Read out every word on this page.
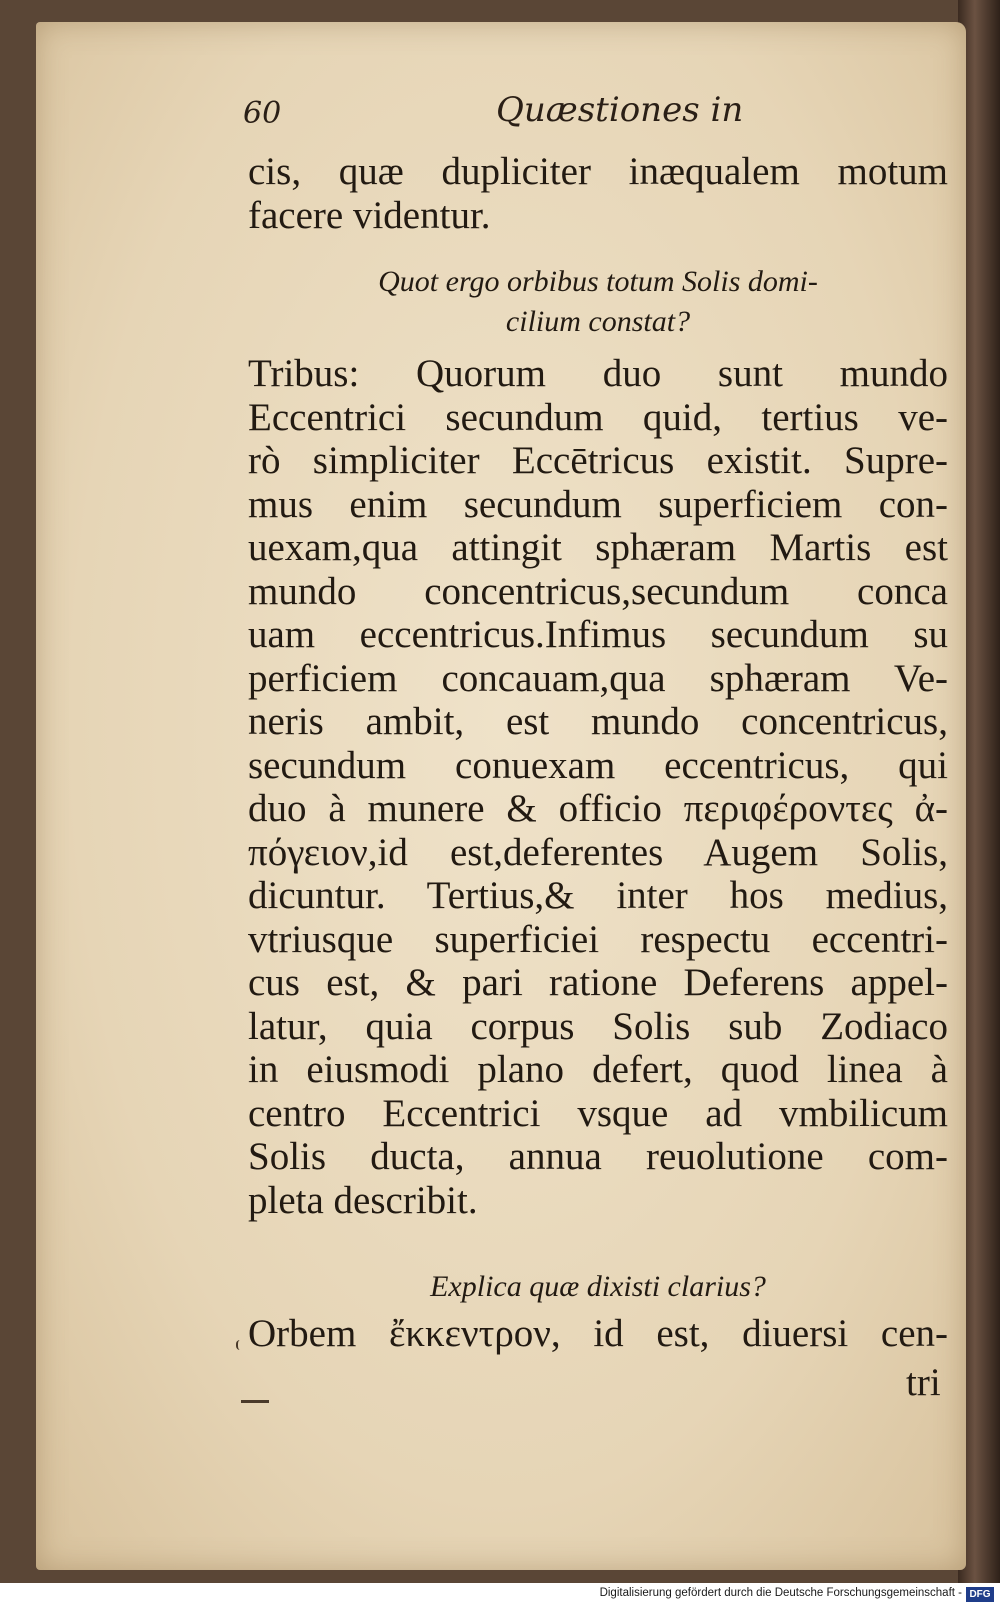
60	Quæstiones in
cis, quæ dupliciter inæqualem motum
facere videntur.
Quot ergo orbibus totum Solis domi-
cilium constat?
Tribus: Quorum duo sunt mundo
Eccentrici secundum quid, tertius ve-
rò simpliciter Eccētricus existit. Supre-
mus enim secundum superficiem con-
uexam,qua attingit sphæram Martis est
mundo concentricus,secundum conca
uam eccentricus.Infimus secundum su
perficiem concauam,qua sphæram Ve-
neris ambit, est mundo concentricus,
secundum conuexam eccentricus, qui
duo à munere & officio περιφέροντες ἀ-
πόγειον,id est,deferentes Augem Solis,
dicuntur. Tertius,& inter hos medius,
vtriusque superficiei respectu eccentri-
cus est, & pari ratione Deferens appel-
latur, quia corpus Solis sub Zodiaco
in eiusmodi plano defert, quod linea à
centro Eccentrici vsque ad vmbilicum
Solis ducta, annua reuolutione com-
pleta describit.
Explica quæ dixisti clarius?
Orbem ἔκκεντρον, id est, diuersi cen-
tri
Digitalisierung gefördert durch die Deutsche Forschungsgemeinschaft - DFG
